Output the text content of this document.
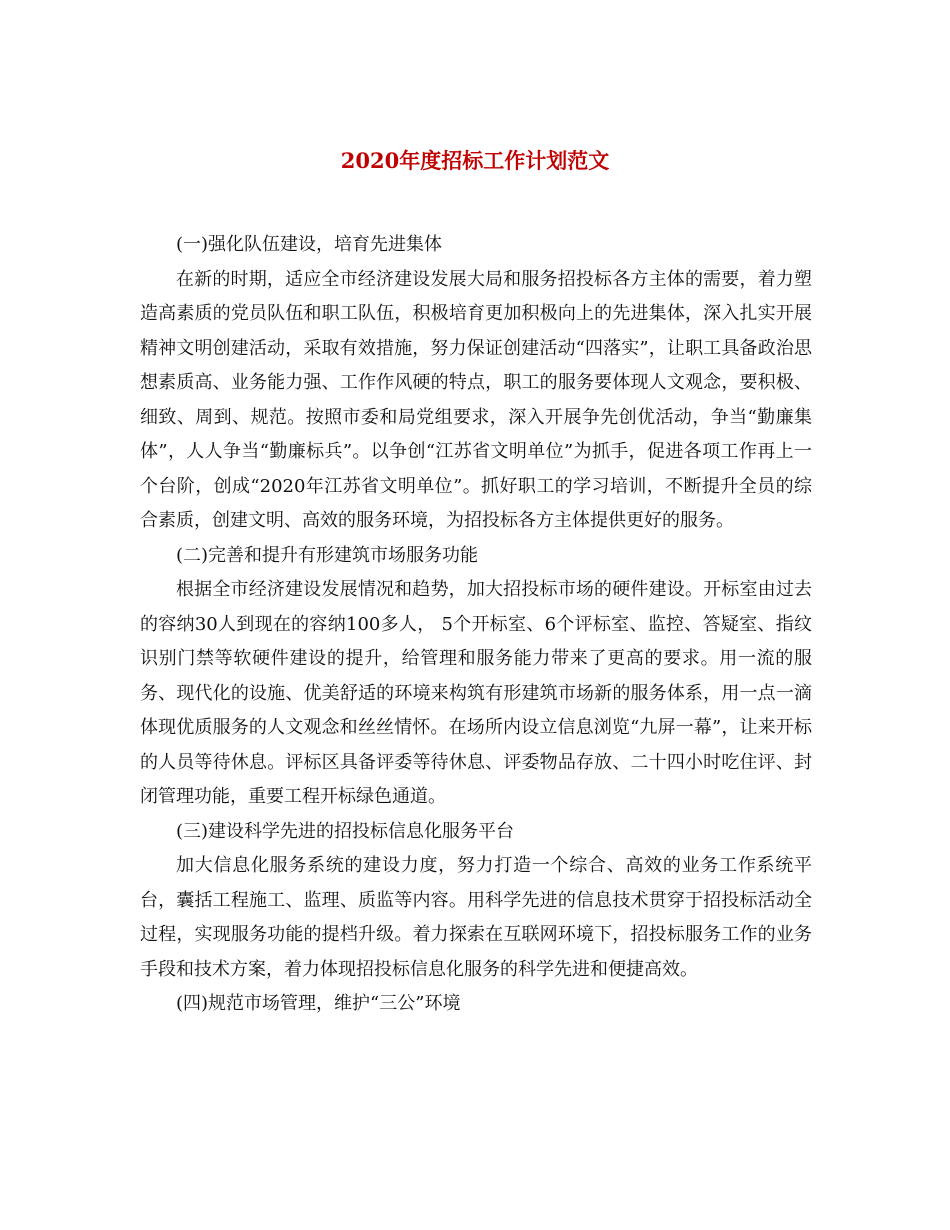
2020年度招标工作计划范文

(一)强化队伍建设，培育先进集体

在新的时期，适应全市经济建设发展大局和服务招投标各方主体的需要，着力塑造高素质的党员队伍和职工队伍，积极培育更加积极向上的先进集体，深入扎实开展精神文明创建活动，采取有效措施，努力保证创建活动“四落实”，让职工具备政治思想素质高、业务能力强、工作作风硬的特点，职工的服务要体现人文观念，要积极、细致、周到、规范。按照市委和局党组要求，深入开展争先创优活动，争当“勤廉集体”，人人争当“勤廉标兵”。以争创“江苏省文明单位”为抓手，促进各项工作再上一个台阶，创成“2020年江苏省文明单位”。抓好职工的学习培训，不断提升全员的综合素质，创建文明、高效的服务环境，为招投标各方主体提供更好的服务。

(二)完善和提升有形建筑市场服务功能

根据全市经济建设发展情况和趋势，加大招投标市场的硬件建设。开标室由过去的容纳30人到现在的容纳100多人， 5个开标室、6个评标室、监控、答疑室、指纹识别门禁等软硬件建设的提升，给管理和服务能力带来了更高的要求。用一流的服务、现代化的设施、优美舒适的环境来构筑有形建筑市场新的服务体系，用一点一滴体现优质服务的人文观念和丝丝情怀。在场所内设立信息浏览“九屏一幕”，让来开标的人员等待休息。评标区具备评委等待休息、评委物品存放、二十四小时吃住评、封闭管理功能，重要工程开标绿色通道。

(三)建设科学先进的招投标信息化服务平台

加大信息化服务系统的建设力度，努力打造一个综合、高效的业务工作系统平台，囊括工程施工、监理、质监等内容。用科学先进的信息技术贯穿于招投标活动全过程，实现服务功能的提档升级。着力探索在互联网环境下，招投标服务工作的业务手段和技术方案，着力体现招投标信息化服务的科学先进和便捷高效。

(四)规范市场管理，维护“三公”环境
